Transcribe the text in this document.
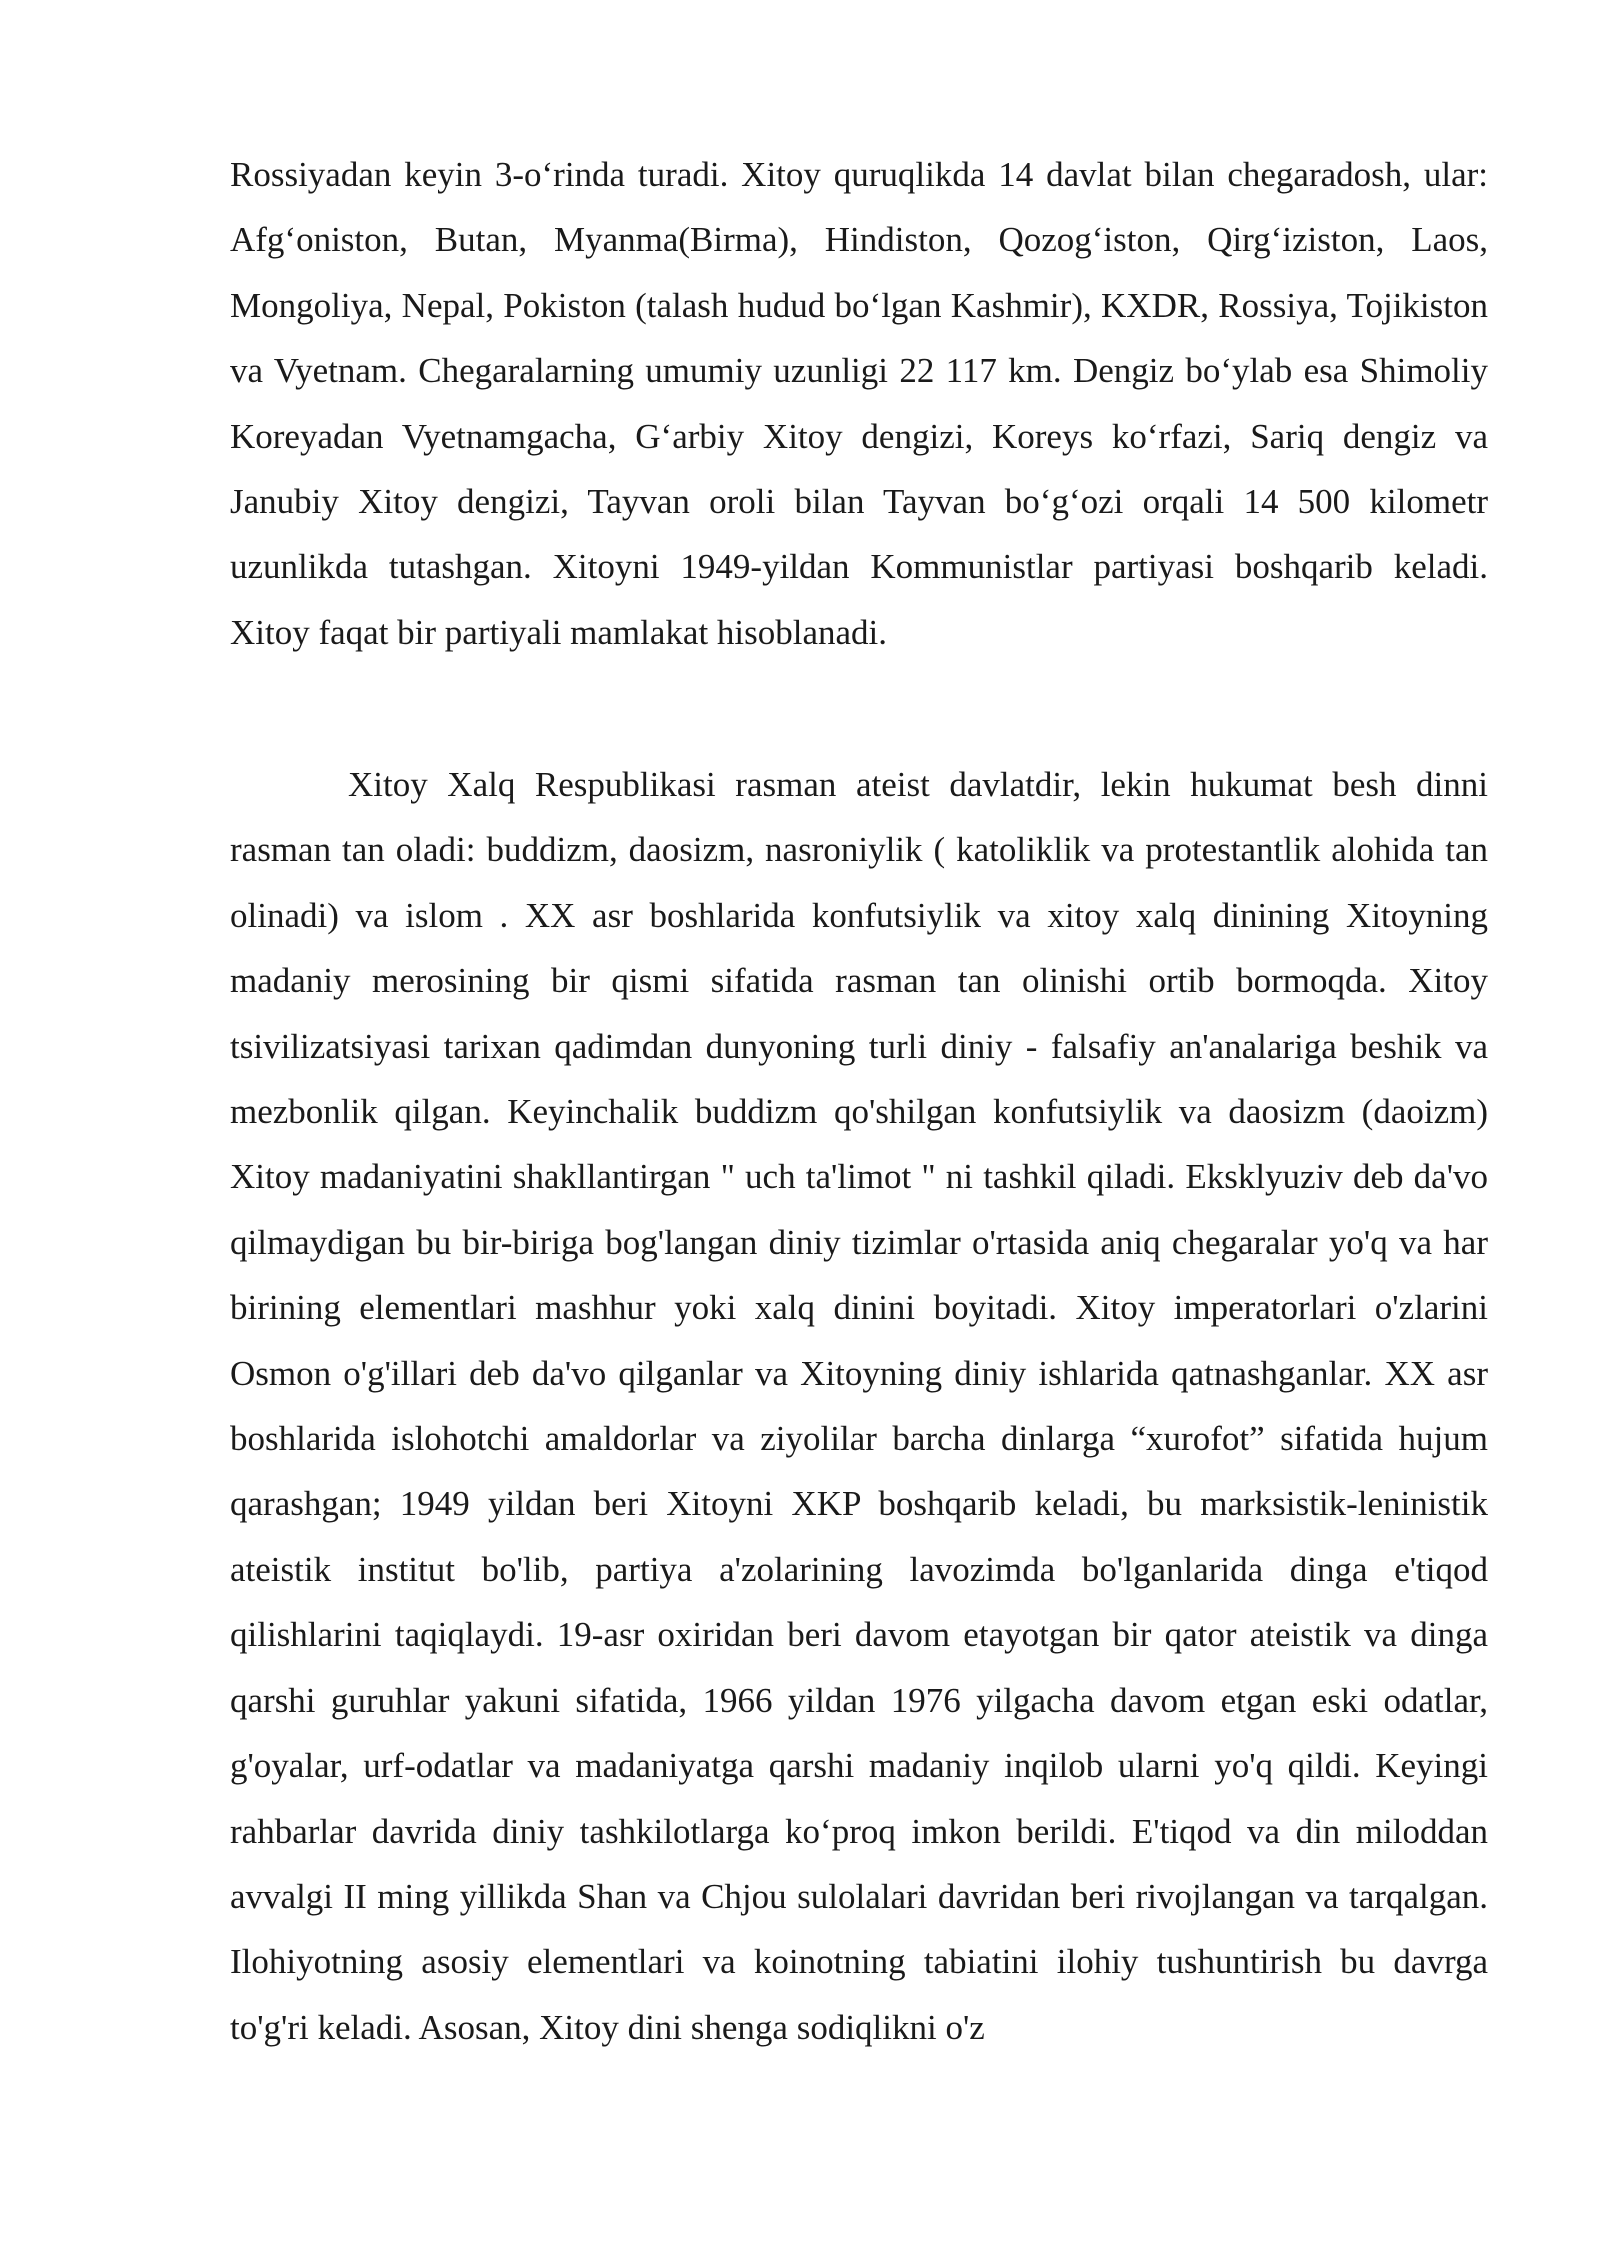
Rossiyadan keyin 3-o‘rinda turadi. Xitoy quruqlikda 14 davlat bilan chegaradosh, ular: Afg‘oniston, Butan, Myanma(Birma), Hindiston, Qozog‘iston, Qirg‘iziston, Laos, Mongoliya, Nepal, Pokiston (talash hudud bo‘lgan Kashmir), KXDR, Rossiya, Tojikiston va Vyetnam. Chegaralarning umumiy uzunligi 22 117 km. Dengiz bo‘ylab esa Shimoliy Koreyadan Vyetnamgacha, G‘arbiy Xitoy dengizi, Koreys ko‘rfazi, Sariq dengiz va Janubiy Xitoy dengizi, Tayvan oroli bilan Tayvan bo‘g‘ozi orqali 14 500 kilometr uzunlikda tutashgan. Xitoyni 1949-yildan Kommunistlar partiyasi boshqarib keladi. Xitoy faqat bir partiyali mamlakat hisoblanadi.

Xitoy Xalq Respublikasi rasman ateist davlatdir, lekin hukumat besh dinni rasman tan oladi: buddizm, daosizm, nasroniylik ( katoliklik va protestantlik alohida tan olinadi) va islom . XX asr boshlarida konfutsiylik va xitoy xalq dinining Xitoyning madaniy merosining bir qismi sifatida rasman tan olinishi ortib bormoqda. Xitoy tsivilizatsiyasi tarixan qadimdan dunyoning turli diniy - falsafiy an'analariga beshik va mezbonlik qilgan. Keyinchalik buddizm qo'shilgan konfutsiylik va daosizm (daoizm) Xitoy madaniyatini shakllantirgan " uch ta'limot " ni tashkil qiladi. Eksklyuziv deb da'vo qilmaydigan bu bir-biriga bog'langan diniy tizimlar o'rtasida aniq chegaralar yo'q va har birining elementlari mashhur yoki xalq dinini boyitadi. Xitoy imperatorlari o'zlarini Osmon o'g'illari deb da'vo qilganlar va Xitoyning diniy ishlarida qatnashganlar. XX asr boshlarida islohotchi amaldorlar va ziyolilar barcha dinlarga “xurofot” sifatida hujum qarashgan; 1949 yildan beri Xitoyni XKP boshqarib keladi, bu marksistik-leninistik ateistik institut bo'lib, partiya a'zolarining lavozimda bo'lganlarida dinga e'tiqod qilishlarini taqiqlaydi. 19-asr oxiridan beri davom etayotgan bir qator ateistik va dinga qarshi guruhlar yakuni sifatida, 1966 yildan 1976 yilgacha davom etgan eski odatlar, g'oyalar, urf-odatlar va madaniyatga qarshi madaniy inqilob ularni yo'q qildi. Keyingi rahbarlar davrida diniy tashkilotlarga ko‘proq imkon berildi. E'tiqod va din miloddan avvalgi II ming yillikda Shan va Chjou sulolalari davridan beri rivojlangan va tarqalgan. Ilohiyotning asosiy elementlari va koinotning tabiatini ilohiy tushuntirish bu davrga to'g'ri keladi. Asosan, Xitoy dini shenga sodiqlikni o'z
